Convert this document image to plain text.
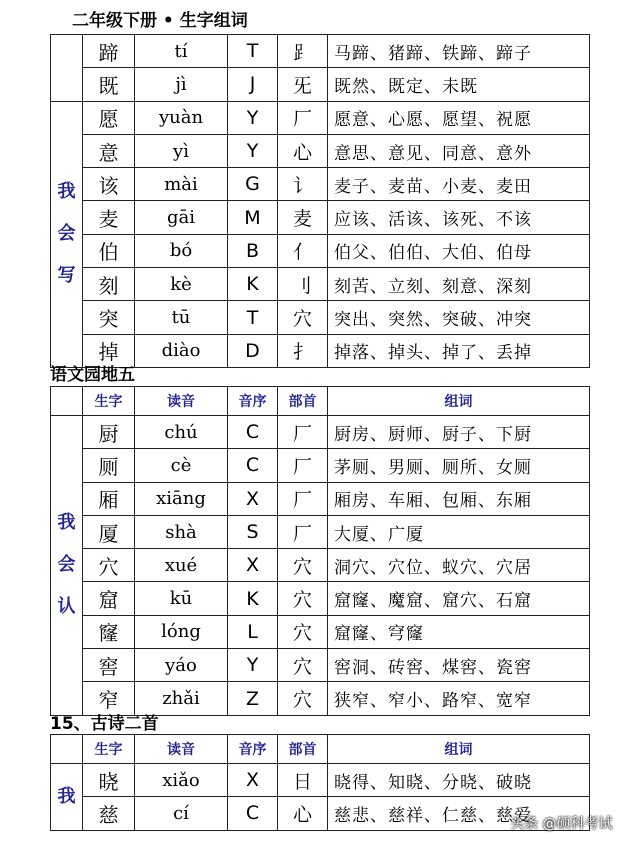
二年级下册 • 生字组词
	蹄	tí	T	⻊	马蹄、猪蹄、铁蹄、蹄子
	既	jì	J	旡	既然、既定、未既
我
会
写	愿	yuàn	Y	厂	愿意、心愿、愿望、祝愿
	意	yì	Y	心	意思、意见、同意、意外
	该	mài	G	讠	麦子、麦苗、小麦、麦田
	麦	gāi	M	麦	应该、活该、该死、不该
	伯	bó	B	亻	伯父、伯伯、大伯、伯母
	刻	kè	K	刂	刻苦、立刻、刻意、深刻
	突	tū	T	穴	突出、突然、突破、冲突
	掉	diào	D	扌	掉落、掉头、掉了、丢掉
语文园地五
	生字	读音	音序	部首	组词
我
会
认	厨	chú	C	厂	厨房、厨师、厨子、下厨
	厕	cè	C	厂	茅厕、男厕、厕所、女厕
	厢	xiāng	X	厂	厢房、车厢、包厢、东厢
	厦	shà	S	厂	大厦、广厦
	穴	xué	X	穴	洞穴、穴位、蚁穴、穴居
	窟	kū	K	穴	窟窿、魔窟、窟穴、石窟
	窿	lóng	L	穴	窟窿、穹窿
	窖	yáo	Y	穴	窖洞、砖窖、煤窖、瓷窖
	窄	zhǎi	Z	穴	狭窄、窄小、路窄、宽窄
15、古诗二首
	生字	读音	音序	部首	组词
我	晓	xiǎo	X	日	晓得、知晓、分晓、破晓
	慈	cí	C	心	慈悲、慈祥、仁慈、慈爱
头条 @硕科考试
